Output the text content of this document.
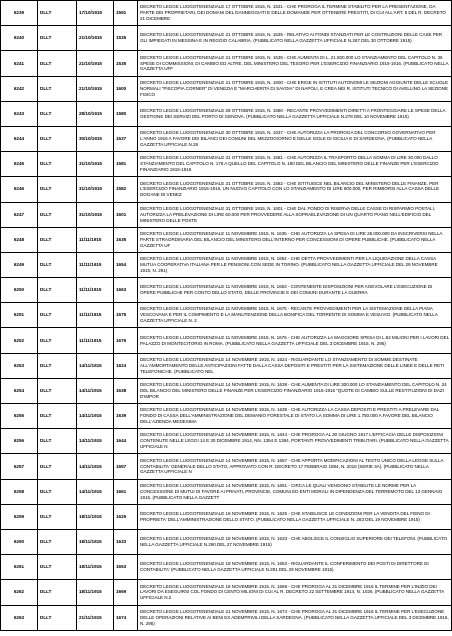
6239	DLLT	17/10/1915	1591	DECRETO LEGGE LUOGOTENENZIALE 17 OTTOBRE 1915, N. 1531 - CHE PROROGA IL TERMINE STABILITO PER LA PRESENTAZIONE, DA PARTE DEI PROPRIETARI, DEI DOMANI DEL DANNEGGIATI E DELLE DOMANDE PER OTTENERE PRESTITI, DI CUI ALL'ART. 5 DEL R. DECRETO 21 DICEMBRE

6240	DLLT	21/10/1915	1535	DECRETO LEGGE LUOGOTENENZIALE 21 OTTOBRE 1915, N. 1535 - RELATIVO AI FONDI STANZIATI PER LE COSTRUZIONI DELLE CASE PER GLI IMPIEGATI IN MESSINA E IN REGGIO CALABRIA. (PUBBLICATO NELLA GAZZETTA UFFICIALE N.267 DEL 30 OTTOBRE 1915)

6241	DLLT	21/10/1915	1535	DECRETO LEGGE LUOGOTENENZIALE 21 OTTOBRE 1915, N. 1535 - CHE AUMENTA DI L. 21.500.000 LO STANZIAMENTO DEL CAPITOLO N. 36 SPESE DI COMMISSIONI, DI CAMBIO ED ALTRE, DEL MINISTERO DEL TESORO PER L'ESERCIZIO FINANZIARIO 1915-1916. (PUBBLICATO NELLA GAZZETTA UFF

6242	DLLT	21/10/1915	1600	DECRETO LEGGE LUOGOTENENZIALE 21 OTTOBRE 1915, N. 1600 - CHE ERIGE IN ISTITUTI AUTONOMI LE SEZIONI AGGIUNTE DELLE SCUOLE NORMALI "PISCOPIA CORNER" DI VENEZIA E "MARCHERITA DI SAVOIA" DI NAPOLI, E CREA NEI R. ISTITUTI TECNICO DI AVELLINO LA SEZIONE FISICO

6243	DLLT	28/10/1915	1580	DECRETO LEGGE LUOGOTENENZIALE 28 OTTOBRE 1915, N. 1580 - RECANTE PROVVEDIMENTI DIRETTI A FRONTEGGIARE LE SPESE DELLA GESTIONE DEI SERVIZI DEL PORTO DI GENOVA. (PUBBLICATO NELLA GAZZETTA UFFICIALE N.278 DEL 10 NOVEMBRE 1915)

6244	DLLT	30/10/1915	1637	DECRETO LEGGE LUOGOTENENZIALE 30 OTTOBRE 1915, N. 1637 - CHE AUTORIZZA LA PROROGA DEL CONCORSO GOVERNATIVO PER L'ANNO 1916 A FAVORE DEI BILANCI DEI COMUNI DEL MEZZOGIORNO E DELLE ISOLE DI SICILIA E DI SARDEGNA. (PUBBLICATO NELLA GAZZETTA UFFICIALE N.28

6245	DLLT	31/10/1915	1581	DECRETO LEGGE LUOGOTENENZIALE 31 OTTOBRE 1915, N. 1581 - CHE AUTORIZZA IL TRASPORTO DELLA SOMMA DI LIRE 30.000 DALLO STANZIAMENTO DEL CAPITOLO N. 176 A QUELLO DEL CAPITOLO N. 180 DEL BILANCIO DEL MINISTERO DELLE FINANZE PER L'ESERCIZIO FINANZIARIO 1915-1916

6246	DLLT	31/10/1915	1582	DECRETO LEGGE LUOGOTENENZIALE 31 OTTOBRE 1915, N. 1582 - CHE ISTITUISCE NEL BILANCIO DEL MINISTERO DELLE FINANZE, PER L'ESERCIZIO FINANZIARIO 1915-1916, UN NUOVO CAPITOLO CON LO STANZIAMENTO DI LIRE 800.000, PER RIMBORSI ALLA CASSA DELLE DOGANE DI VENEZ

6247	DLLT	31/10/1915	1601	DECRETO LEGGE LUOGOTENENZIALE 31 OTTOBRE 1915, N. 1601 - CHE DAL FONDO DI RISERVA DELLE CASSE DI RISPARMIO POSTALI, AUTORIZZA LA PRELEVAZIONE DI LIRE 60.000 PER PROVVEDERE ALLA SOPRAELEVAZIONE DI UN QUARTO PIANO NELL'EDIFICIO DEL MINISTERO DELLE POSTE

6248	DLLT	11/11/1915	1635	DECRETO LEGGE LUOGOTENENZIALE 11 NOVEMBRE 1915, N. 1635 - CHE AUTORIZZA LA SPESA DI LIRE 25.000.000 DA INSCRIVERSI NELLA PARTE STRAORDINARIA DEL BILANCIO DEL MINISTERO DELL'INTERNO PER CONCESSIONI DI OPERE PUBBLICHE. (PUBBLICATO NELLA GAZZETTA UF

6249	DLLT	11/11/1915	1654	DECRETO LEGGE LUOGOTENENZIALE 11 NOVEMBRE 1915, N. 1654 - CHE DETTA PROVVEDIMENTI PER LA LIQUIDAZIONE DELLA CASSA MUTUA COOPERATIVA ITALIANA PER LE PENSIONI CON SEDE IN TORINO. (PUBBLICATO NELLA GAZZETTA UFFICIALE DEL 29 NOVEMBRE 1915, N. 291)

6250	DLLT	11/11/1915	1663	DECRETO LEGGE LUOGOTENENZIALE 11 NOVEMBRE 1915, N. 1663 - CONTENENTE DISPOSIZIONI PER AGEVOLARE L'ESECUZIONE DI OPERE PUBBLICHE PER CONTO DELLO STATO, DELLE PROVINCIE E DEI COMUNI DURANTE LA GUERRA

6251	DLLT	11/11/1915	1675	DECRETO LEGGE LUOGOTENENZIALE 11 NOVEMBRE 1915, N. 1675 - RECANTE PROVVEDIMENTI PER LA SISTEMAZIONE DELLA PIANA VESCOVANA E PER IL COMPIMENTO E LA MANUTENZIONE DELLA BONIFICA DEL TORRENTE DI SOMMA E VESUVIO. (PUBBLICATO NELLA GAZZETTA UFFICIALE N. 2

6252	DLLT	11/11/1915	1676	DECRETO LEGGE LUOGOTENENZIALE 11 NOVEMBRE 1915, N. 1676 - CHE AUTORIZZA LA MAGGIORE SPESA DI L.82 MILIONI PER I LAVORI DEL PALAZZO DI MONTECITORIO IN ROMA. (PUBBLICATO NELLA GAZZETTA UFFICIALE DEL 3 DICEMBRE 1915, N. 295)

6253	DLLT	14/11/1915	1624	DECRETO LEGGE LUOGOTENENZIALE 14 NOVEMBRE 1915, N. 1624 - RIGUARDANTE LO STANZIAMENTO DI SOMME DESTINATE ALL'AMMORTAMENTO DELLE ANTICIPAZIONI FATTE DALLA CASSA DEPOSITI E PRESTITI PER LA SISTEMAZIONE DELLE LINEE E DELLE RETI TELEFONICHE. (PUBBLICATO NEL

6254	DLLT	14/11/1915	1638	DECRETO LEGGE LUOGOTENENZIALE 14 NOVEMBRE 1915, N. 1638 - CHE AUMENTA DI LIRE 300.000 LO STANZIAMENTO DEL CAPITOLO N. 24 DEL BILANCIO DEL MINISTERO DELLE FINANZE PER L'ESERCIZIO FINANZIARIO 1915-1916 "QUOTE DI CAMBIO SULLE RESTITUZIONI DI DAZI D'IMPOR

6255	DLLT	14/11/1915	1639	DECRETO LEGGE LUOGOTENENZIALE 14 NOVEMBRE 1915, N. 1639 - CHE AUTORIZZA LA CASSA DEPOSITI E PRESTITI A PRELEVARE DAL FONDO DI CASSA DELL'AMMINISTRAZIONE DEL DEMANIO FORESTALE DI STATO LA SOMMA DI LIRE 1.750.000 A FAVORE DEL BILANCIO DELL'AZIENDA MEDESIMA

6256	DLLT	14/11/1915	1644	DECRETO LEGGE LUOGOTENENZIALE 14 NOVEMBRE 1915, N. 1644 - CHE PROROGA AL 30 GIUGNO 1917 L'EFFICACIA DELLE DISPOSIZIONI CONTENUTE NELLE LEGGI 14 E 30 DICEMBRE 1914, NN. 1354 E 1384, PORTANTI PROVVEDIMENTI TRIBUTARI. (PUBBLICATO NELLA GAZZETTA UFFICIALE N

6257	DLLT	14/11/1915	1657	DECRETO LEGGE LUOGOTENENZIALE 14 NOVEMBRE 1915, N. 1657 - CHE APPORTA MODIFICAZIONI AL TESTO UNICO DELLA LEGGE SULLA CONTABILITA' GENERALE DELLO STATO, APPROVATO CON R. DECRETO 17 FEBBRAIO 1884, N. 2016 (SERIE 3A). (PUBBLICATO NELLA GAZZETTA UFFICIALE N

6258	DLLT	14/11/1915	1661	DECRETO LEGGE LUOGOTENENZIALE 14 NOVEMBRE 1915, N. 1661 - CIRCA LE QUALI VENGONO STABILITE LE NORME PER LA CONCESSIONE DI MUTUI DI FAVORE AI PRIVATI, PROVINCIE, COMUNI ED ENTI MORALI IN DIPENDENZA DEL TERREMOTO DEL 13 GENNAIO 1915. (PUBBLICATO NELLA GAZZETT

6259	DLLT	18/11/1915	1625	DECRETO LEGGE LUOGOTENENZIALE 18 NOVEMBRE 1915, N. 1625 - CHE STABILISCE LE CONDIZIONI PER LA VENDITA DEL FIENO DI PROPRIETA' DELL'AMMINISTRAZIONE DELLO STATO. (PUBBLICATO NELLA GAZZETTA UFFICIALE N. 283 DEL 19 NOVEMBRE 1915)

6260	DLLT	18/11/1915	1633	DECRETO LEGGE LUOGOTENENZIALE 18 NOVEMBRE 1915, N. 1633 - CHE ABOLISCE IL CONSIGLIO SUPERIORE DEI TELEFONI. (PUBBLICATO NELLA GAZZETTA UFFICIALE N.290 DEL 27 NOVEMBRE 1915)

6261	DLLT	18/11/1915	1653	DECRETO LEGGE LUOGOTENENZIALE 18 NOVEMBRE 1915, N. 1653 - RIGUARDANTE IL CONFERIMENTO DEI POSTI DI DIRETTORE DI CONTABILITA' (PUBBLICATO NELLA GAZZETTA UFFICIALE N.291 DEL 29 NOVEMBRE 1915)

6262	DLLT	18/11/1915	1669	DECRETO LEGGE LUOGOTENENZIALE 18 NOVEMBRE 1915, N. 1669 - CHE PROROGA AL 31 DICEMBRE 1916 IL TERMINE PER L'INIZIO DEI LAVORI DA ESEGUIRSI COL FONDO DI CENTO MILIONI DI CUI AL R. DECRETO 22 SETTEMBRE 1914, N. 1026. (PUBBLICATO NELLA GAZZETTA UFFICIALE N.2

6263	DLLT	21/11/1915	1674	DECRETO LEGGE LUOGOTENENZIALE 21 NOVEMBRE 1915, N. 1674 - CHE PROROGA AL 31 DICEMBRE 1916 IL TERMINE PER L'ESECUZIONE DELLE OPERAZIONI RELATIVE AI BENI EX ADEMPRIVILI DELLA SARDEGNA. (PUBBLICATO NELLA GAZZETTA UFFICIALE DEL 3 DICEMBRE 1915, N. 295)
